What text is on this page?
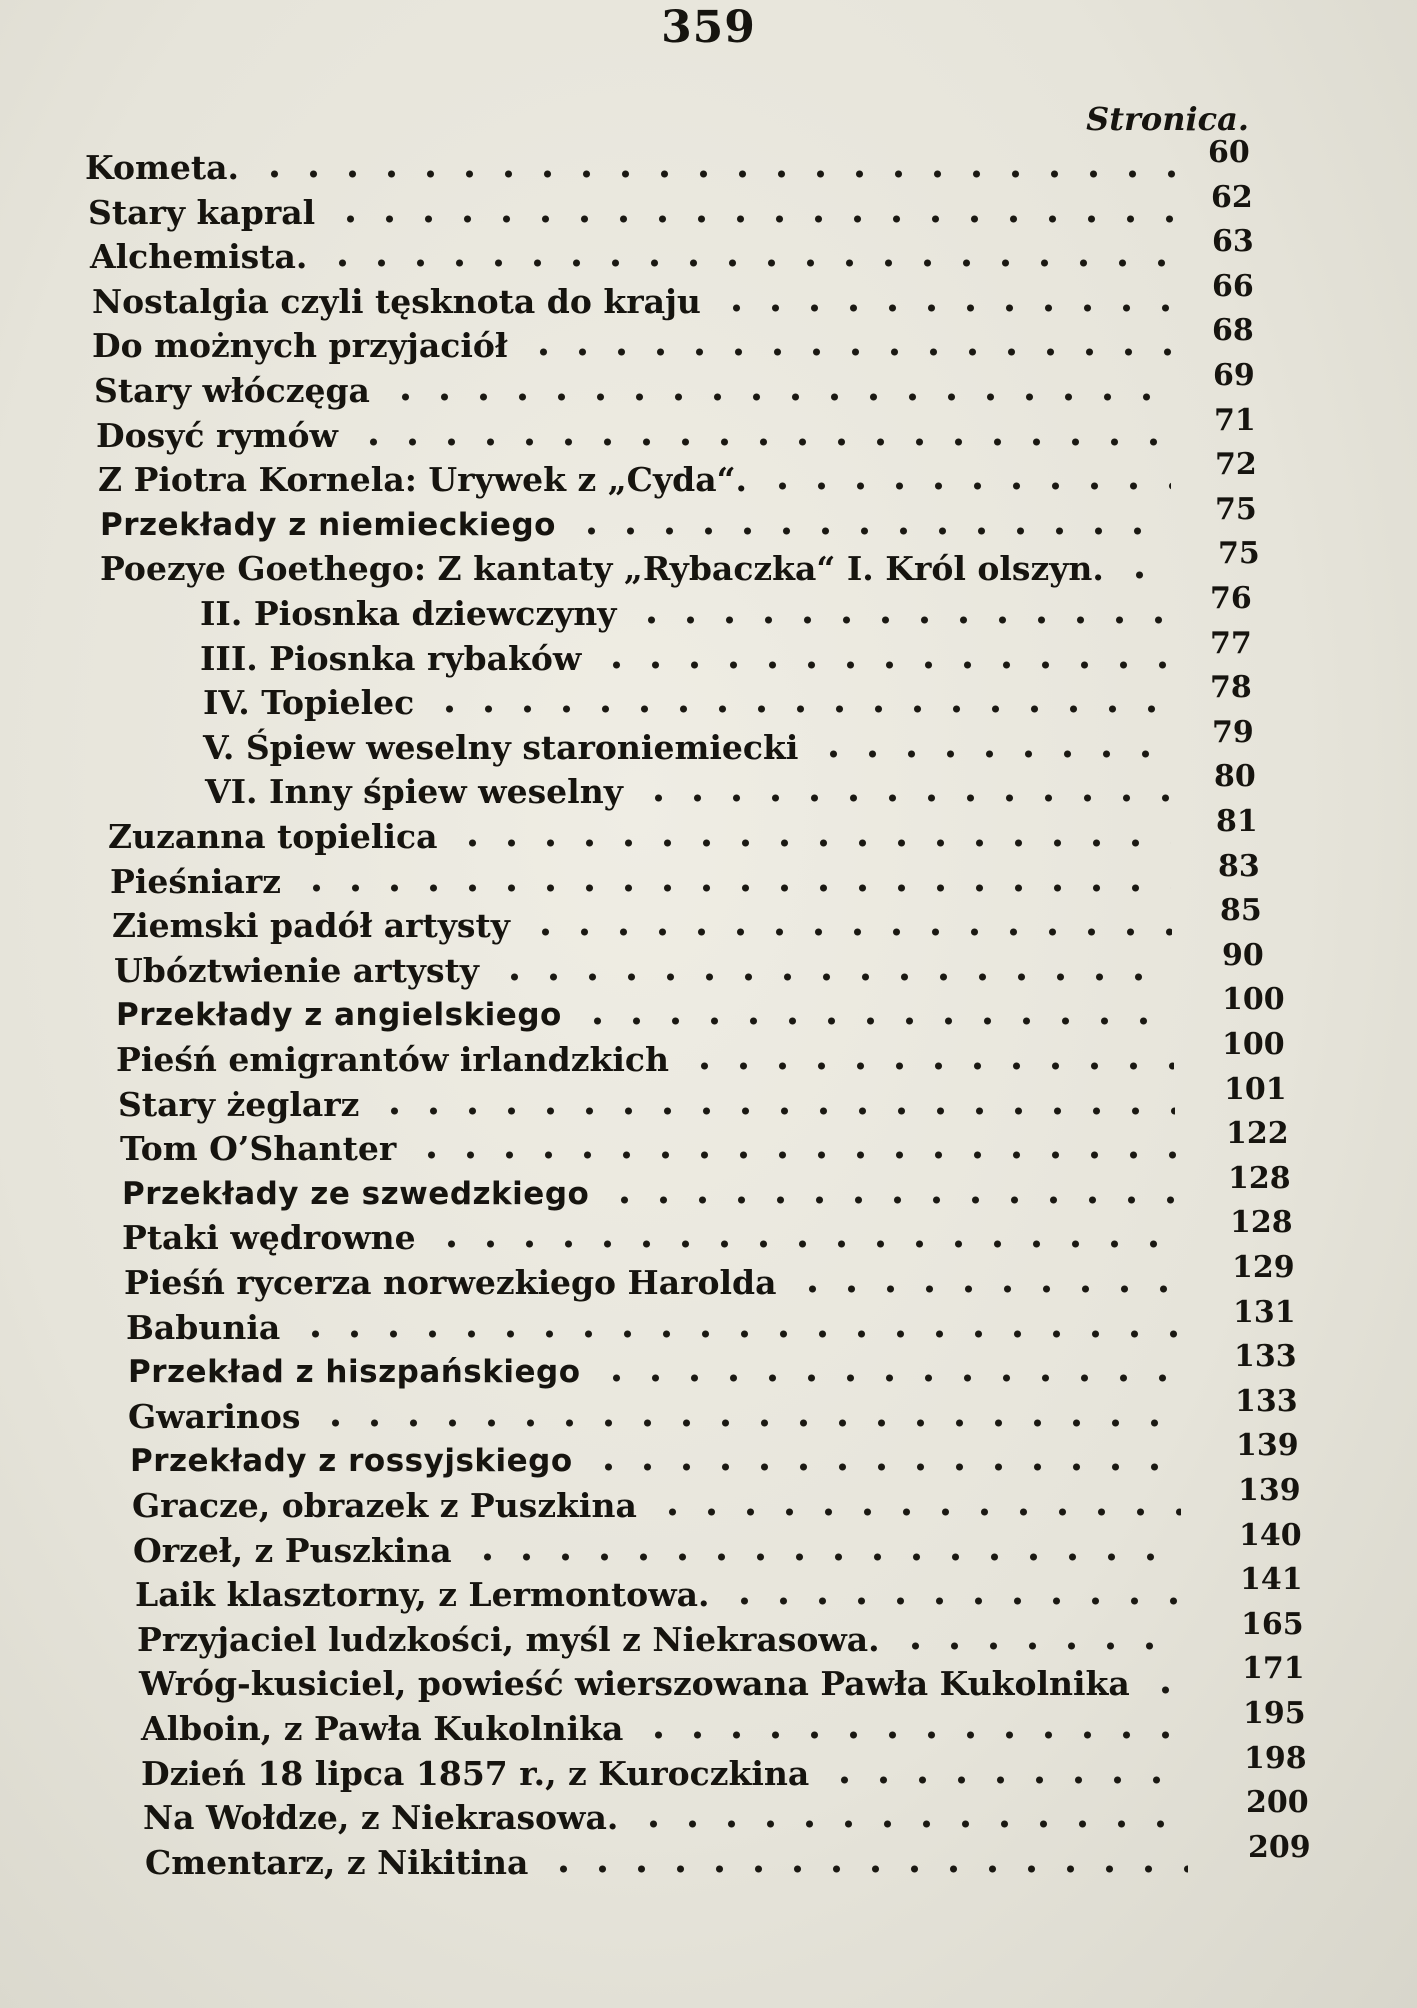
359
Stronica.
Kometa.	60
Stary kapral	62
Alchemista.	63
Nostalgia czyli tęsknota do kraju	66
Do możnych przyjaciół	68
Stary włóczęga	69
Dosyć rymów	71
Z Piotra Kornela: Urywek z „Cyda“.	72
Przekłady z niemieckiego	75
Poezye Goethego: Z kantaty „Rybaczka“ I. Król olszyn.	75
II. Piosnka dziewczyny	76
III. Piosnka rybaków	77
IV. Topielec	78
V. Śpiew weselny staroniemiecki	79
VI. Inny śpiew weselny	80
Zuzanna topielica	81
Pieśniarz	83
Ziemski padół artysty	85
Ubóztwienie artysty	90
Przekłady z angielskiego	100
Pieśń emigrantów irlandzkich	100
Stary żeglarz	101
Tom O’Shanter	122
Przekłady ze szwedzkiego	128
Ptaki wędrowne	128
Pieśń rycerza norwezkiego Harolda	129
Babunia	131
Przekład z hiszpańskiego	133
Gwarinos	133
Przekłady z rossyjskiego	139
Gracze, obrazek z Puszkina	139
Orzeł, z Puszkina	140
Laik klasztorny, z Lermontowa.	141
Przyjaciel ludzkości, myśl z Niekrasowa.	165
Wróg-kusiciel, powieść wierszowana Pawła Kukolnika	171
Alboin, z Pawła Kukolnika	195
Dzień 18 lipca 1857 r., z Kuroczkina	198
Na Wołdze, z Niekrasowa.	200
Cmentarz, z Nikitina	209
